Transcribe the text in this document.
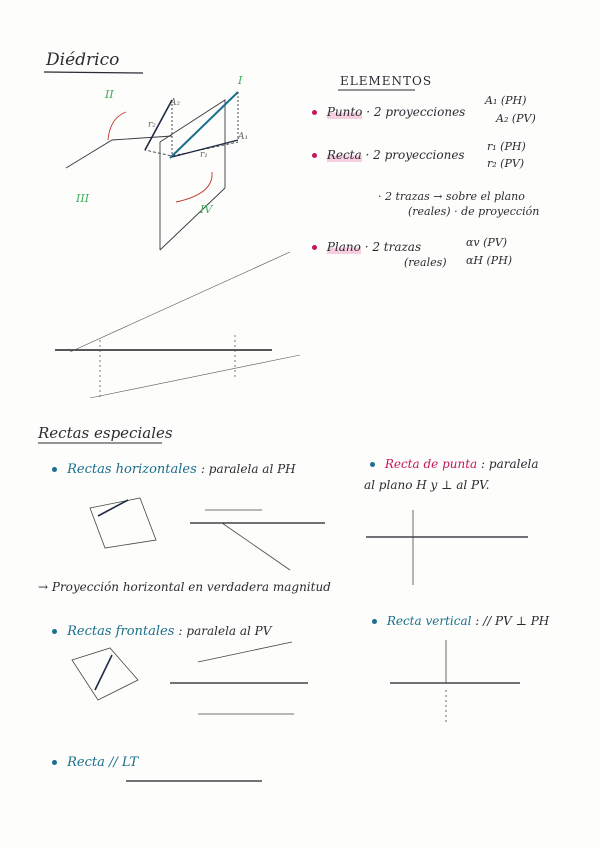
Diédrico
ELEMENTOS
Punto · 2 proyecciones
A₁ (PH)
A₂ (PV)
Recta · 2 proyecciones
r₁ (PH)
r₂ (PV)
· 2 trazas → sobre el plano
(reales) · de proyección
Plano · 2 trazas	αv (PV)
αH (PH)
(reales)
I
II
III
IV
A₂
A₁
r₂
r₁
Rectas especiales
Rectas horizontales : paralela al PH	Recta de punta : paralela
al plano H y ⊥ al PV.
→ Proyección horizontal en verdadera magnitud
Rectas frontales : paralela al PV
Recta vertical : // PV ⊥ PH
Recta // LT
